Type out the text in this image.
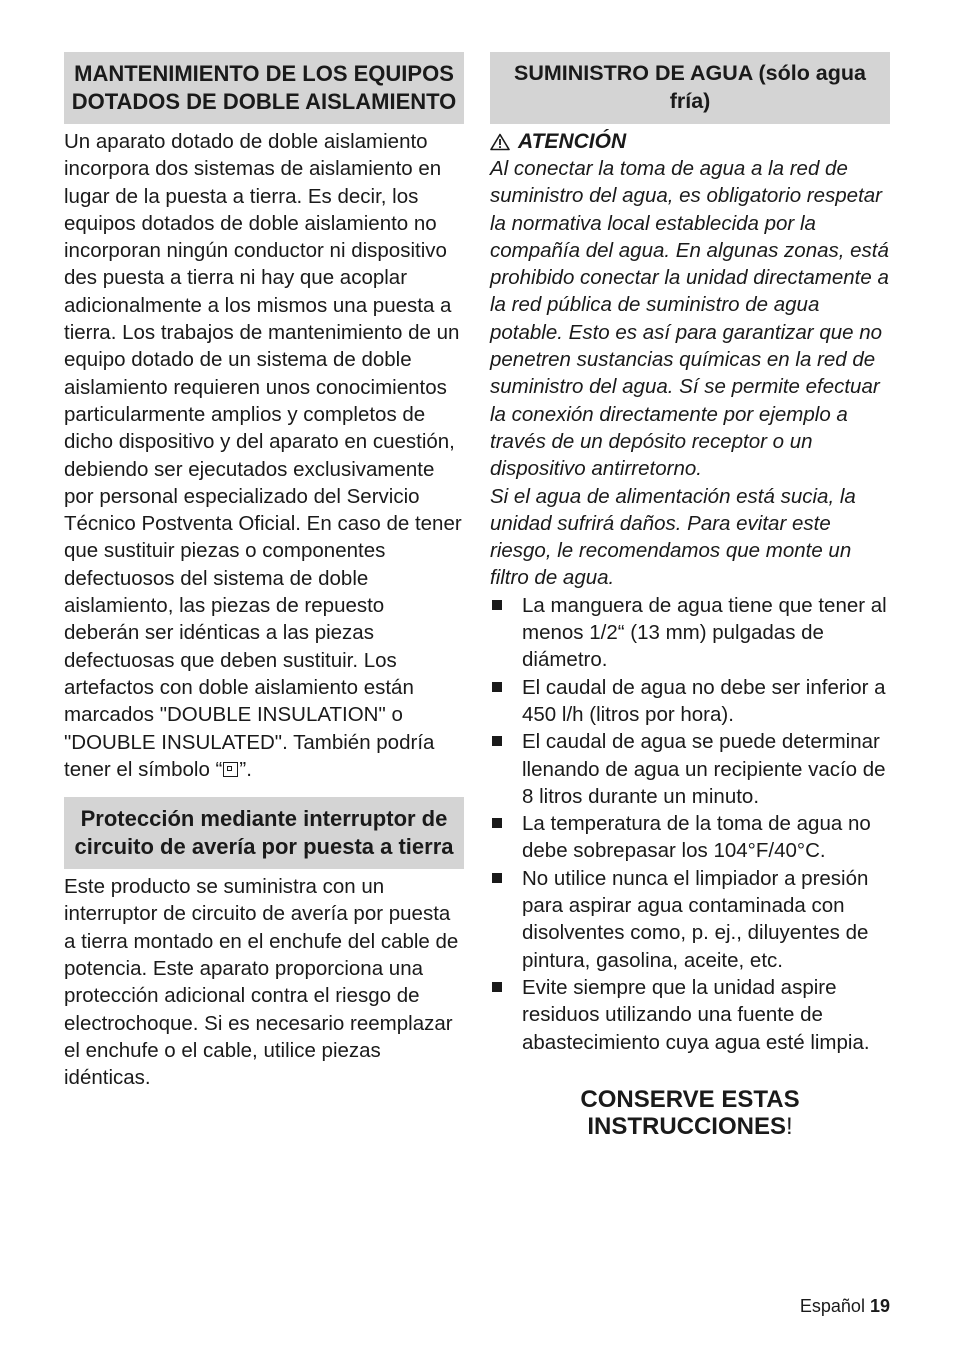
MANTENIMIENTO DE LOS EQUIPOS DOTADOS DE DOBLE AISLAMIENTO

Un aparato dotado de doble aislamiento incorpora dos sistemas de aislamiento en lugar de la puesta a tierra. Es decir, los equipos dotados de doble aislamiento no incorporan ningún conductor ni dispositivo des puesta a tierra ni hay que acoplar adicionalmente a los mismos una puesta a tierra. Los trabajos de mantenimiento de un equipo dotado de un sistema de doble aislamiento requieren unos conocimientos particularmente amplios y completos de dicho dispositivo y del aparato en cuestión, debiendo ser ejecutados exclusivamente por personal especializado del Servicio Técnico Postventa Oficial. En caso de tener que sustituir piezas o componentes defectuosos del sistema de doble aislamiento, las piezas de repuesto deberán ser idénticas a las piezas defectuosas que deben sustituir. Los artefactos con doble aislamiento están marcados "DOUBLE INSULATION" o "DOUBLE INSULATED". También podría tener el símbolo “ ”.

Protección mediante interruptor de circuito de avería por puesta a tierra

Este producto se suministra con un interruptor de circuito de avería por puesta a tierra montado en el enchufe del cable de potencia. Este aparato proporciona una protección adicional contra el riesgo de electrochoque. Si es necesario reemplazar el enchufe o el cable, utilice piezas idénticas.

SUMINISTRO DE AGUA (sólo agua fría)
ATENCIÓN

Al conectar la toma de agua a la red de suministro del agua, es obligatorio respetar la normativa local establecida por la compañía del agua. En algunas zonas, está prohibido conectar la unidad directamente a la red pública de suministro de agua potable. Esto es así para garantizar que no penetren sustancias químicas en la red de suministro del agua. Sí se permite efectuar la conexión directamente por ejemplo a través de un depósito receptor o un dispositivo antirretorno.

Si el agua de alimentación está sucia, la unidad sufrirá daños. Para evitar este riesgo, le recomendamos que monte un filtro de agua.

La manguera de agua tiene que tener al menos 1/2“ (13 mm) pulgadas de diámetro.
El caudal de agua no debe ser inferior a 450 l/h (litros por hora).
El caudal de agua se puede determinar llenando de agua un recipiente vacío de 8 litros durante un minuto.
La temperatura de la toma de agua no debe sobrepasar los 104°F/40°C.
No utilice nunca el limpiador a presión para aspirar agua contaminada con disolventes como, p. ej., diluyentes de pintura, gasolina, aceite, etc.
Evite siempre que la unidad aspire residuos utilizando una fuente de abastecimiento cuya agua esté limpia.
CONSERVE ESTAS INSTRUCCIONES!
Español 19
